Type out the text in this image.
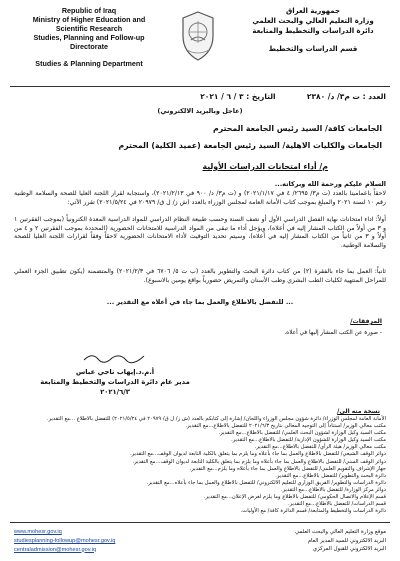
Republic of Iraq
Ministry of Higher Education and
Scientific Research
Studies, Planning and Follow-up
Directorate
Studies & Planning Department
جمهورية العراق
وزارة التعليم العالي والبحث العلمي
دائرة الدراسات والتخطيط والمتابعة
قسم الدراسات والتخطيط
العدد : ت م٣/ د/ ٢٣٨٠  التاريخ : ٣ / ٦ / ٢٠٢١
(عاجل وبالبريد الالكتروني)
الجامعات كافة/ السيد رئيس الجامعة المحترم
الجامعات والكليات الاهلية/ السيد رئيس الجامعة (عميد الكلية) المحترم
م/ أداء امتحانات الدراسات الأولية
السلام عليكم ورحمة الله وبركاته...
لاحقاً باعمامينا بالعدد (ت م٣/ ٢٦٩٥/ ٤ في ٢٠٢١/١/١٧) و (ت م٣/ د/ ٩٠٠ في ٢٠٢١/٢/١٣)، واستجابة لقرار اللجنة العليا للصحة والسلامة الوطنية رقم ١٠ لسنة ٢٠٢١ والمبلغ بموجب كتاب الأمانة العامة لمجلس الوزراء بالعدد (ش ز/ ل ق/ ٢٠٩٧٩ في ٢٠٢١/٥/٢٤) تقرر الآتي:
أولاً: اداء امتحانات نهاية الفصل الدراسي الأول أو نصف السنة وحسب طبيعة النظام الدراسي للمواد الدراسية المعدة الكترونياً (بموجب الفقرتين ١ و ٣ من أولاً من الكتاب المشار إليه في أعلاه)، ويؤجل أداء ما تبقى من المواد الدراسية للامتحانات الحضورية (المحددة بموجب الفقرتين ٢ و ٤ من أولاً و ٣ من ثانياً من الكتاب المشار إليه في أعلاه)، وسيتم تحديد التوقيت لأداء الامتحانات الحضورية لاحقاً وفقاً لقرارات اللجنة العليا للصحة والسلامة الوطنية.
ثانياً: العمل بما جاء بالفقرة (٢) من كتاب دائرة البحث والتطوير بالعدد (ب ت ٥/ ٦٧٠٦ في ٢٠٢١/٢/٣) والمتضمنة (يكون تطبيق الجزء العملي للمراحل المنتهية لكليات الطب البشري وطب الأسنان والتمريض حضورياً بواقع يومين بالاسبوع).
... للتفضل بالاطلاع والعمل بما جاء في أعلاه مع التقدير ...
المرفقات/
- صورة عن الكتب المشار إليها في أعلاه.
أ.م.د.إيهاب ناجي عباس
مدير عام دائرة الدراسات والتخطيط والمتابعة
٢٠٢١/٦/٣
نسخة منه الى/
الأمانة العامة لمجلس الوزراء/ دائرة شؤون مجلس الوزراء واللجان/ إشارة إلى كتابكم بالعدد (ش ز/ ل ق/ ٢٠٩٧٩ في ٢٠٢١/٥/٢٤) للتفضل بالاطلاع ...مع التقدير.
مكتب معالي الوزير/ استناداً إلى التوجيه المعالي بتاريخ ٢٠٢١/٦/٣ للتفضل بالاطلاع...مع التقدير.
مكتب السيد وكيل الوزارة لشؤون البحث العلمي/ للتفضل بالاطلاع...مع التقدير.
مكتب السيد وكيل الوزارة للشؤون الإدارية/ للتفضل بالاطلاع...مع التقدير.
مكتب معالي الوزير/ هيئة الرأي/ للتفضل بالاطلاع...مع التقدير.
دوائر الوقف الشيعي/ للتفضل بالاطلاع والعمل بما جاء بأعلاه وما يلزم بما يتعلق بالكلية التابعة لديوان الوقف...مع التقدير.
دوائر الوقف السني/ للتفضل بالاطلاع والعمل بما جاء بأعلاه وما يلزم بما يتعلق بالكلية التابعة لديوان الوقف...مع التقدير.
جهاز الإشراف والتقويم العلمي/ للتفضل بالاطلاع والعمل بما جاء بأعلاه وما يلزم...مع التقدير.
دائرة البحث والتطوير/ للتفضل بالاطلاع...مع التقدير.
دائرة الدراسات والتطوير/ الفريق الوزاري للتعليم الالكتروني/ للتفضل بالاطلاع والعمل بما جاء بأعلاه...مع التقدير.
دوائر مركز الوزارة/ للتفضل بالاطلاع...مع التقدير.
قسم الإعلام والاتصال الحكومي/ للتفضل بالاطلاع وما يلزم لغرض الإعلان...مع التقدير.
قسم الدراسات/ للتفضل بالاطلاع...مع التقدير.
دائرة الدراسات والتخطيط والمتابعة/ قسم الدائرة كافة/ مع الأوليات.
www.mohesr.gov.iq
studiesplanning-followup@mohesr.gov.iq
centraladmission@mohesr.gov.iq
موقع وزارة التعليم العالي والبحث العلمي
البريد الالكتروني للسيد المدير العام
البريد الالكتروني للقبول المركزي
